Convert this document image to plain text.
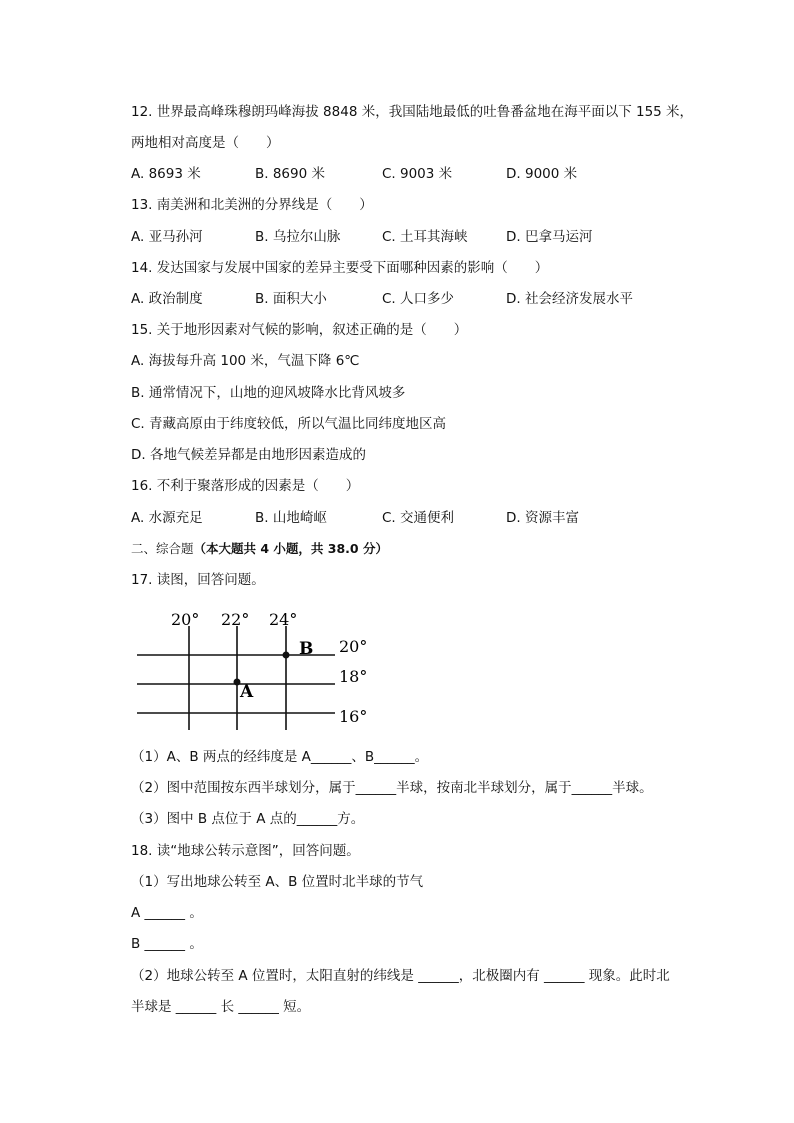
12. 世界最高峰珠穆朗玛峰海拔 8848 米，我国陆地最低的吐鲁番盆地在海平面以下 155 米，
两地相对高度是（　　）
A. 8693 米	B. 8690 米	C. 9003 米	D. 9000 米
13. 南美洲和北美洲的分界线是（　　）
A. 亚马孙河	B. 乌拉尔山脉	C. 土耳其海峡	D. 巴拿马运河
14. 发达国家与发展中国家的差异主要受下面哪种因素的影响（　　）
A. 政治制度	B. 面积大小	C. 人口多少	D. 社会经济发展水平
15. 关于地形因素对气候的影响，叙述正确的是（　　）
A. 海拔每升高 100 米，气温下降 6℃
B. 通常情况下，山地的迎风坡降水比背风坡多
C. 青藏高原由于纬度较低，所以气温比同纬度地区高
D. 各地气候差异都是由地形因素造成的
16. 不利于聚落形成的因素是（　　）
A. 水源充足	B. 山地崎岖	C. 交通便利	D. 资源丰富
二、综合题（本大题共 4 小题，共 38.0 分）
17. 读图，回答问题。
20° 22° 24°
20°
18°
16°
B
A
（1）A、B 两点的经纬度是 A______、B______。
（2）图中范围按东西半球划分，属于______半球，按南北半球划分，属于______半球。
（3）图中 B 点位于 A 点的______方。
18. 读“地球公转示意图”，回答问题。
（1）写出地球公转至 A、B 位置时北半球的节气
A ______ 。
B ______ 。
（2）地球公转至 A 位置时，太阳直射的纬线是 ______，北极圈内有 ______ 现象。此时北
半球是 ______ 长 ______ 短。
